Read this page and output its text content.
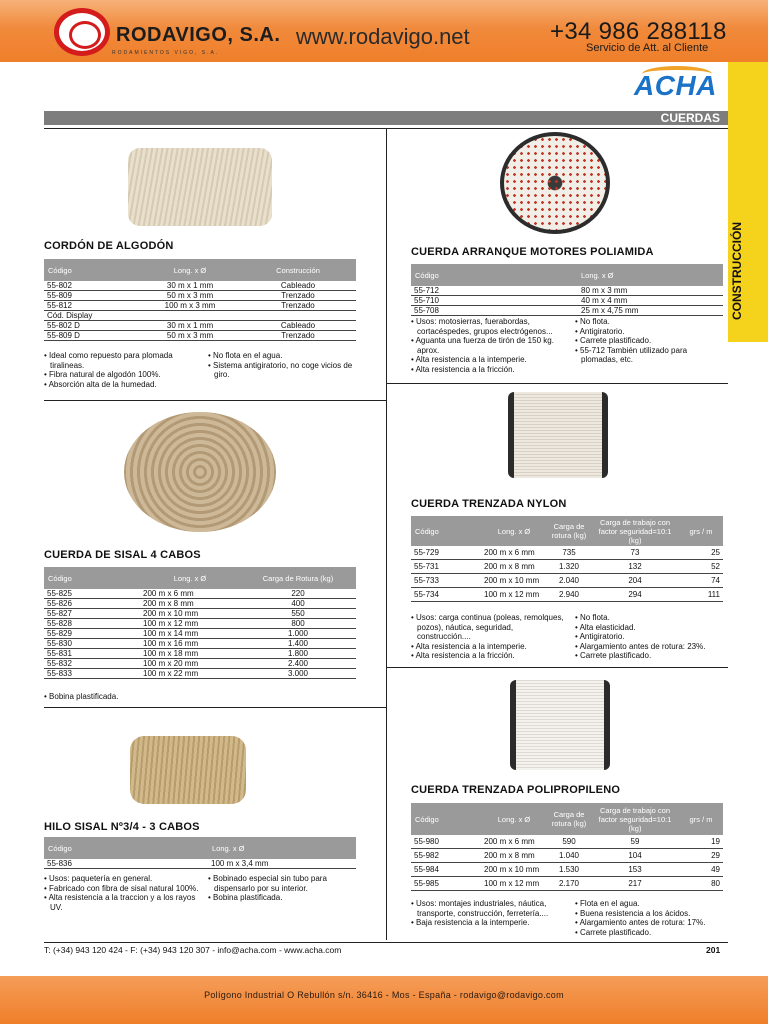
RODAVIGO, S.A.
RODAMIENTOS VIGO, S.A.
www.rodavigo.net	+34 986 288118
Servicio de Att. al Cliente
CONSTRUCCIÓN
ACHA
CUERDAS
CORDÓN DE ALGODÓN
Código	Long. x Ø	Construcción
55-802	30 m x 1 mm	Cableado
55-809	50 m x 3 mm	Trenzado
55-812	100 m x 3 mm	Trenzado
Cód. Display		
55-802 D	30 m x 1 mm	Cableado
55-809 D	50 m x 3 mm	Trenzado
• Ideal como repuesto para plomada tiralineas.
• Fibra natural de algodón 100%.
• Absorción alta de la humedad.
• No flota en el agua.
• Sistema antigiratorio, no coge vicios de giro.
CUERDA ARRANQUE MOTORES POLIAMIDA
Código	Long. x Ø
55-712	80 m x 3 mm
55-710	40 m x 4 mm
55-708	25 m x 4,75 mm
• Usos: motosierras, fuerabordas, cortacéspedes, grupos electrógenos...
• Aguanta una fuerza de tirón de 150 kg. aprox.
• Alta resistencia a la intemperie.
• Alta resistencia a la fricción.
• No flota.
• Antigiratorio.
• Carrete plastificado.
• 55-712 También utilizado para plomadas, etc.
CUERDA DE SISAL 4 CABOS
Código	Long. x Ø	Carga de Rotura (kg)
55-825	200 m x 6 mm	220
55-826	200 m x 8 mm	400
55-827	200 m x 10 mm	550
55-828	100 m x 12 mm	800
55-829	100 m x 14 mm	1.000
55-830	100 m x 16 mm	1.400
55-831	100 m x 18 mm	1.800
55-832	100 m x 20 mm	2.400
55-833	100 m x 22 mm	3.000
• Bobina plastificada.
CUERDA TRENZADA NYLON
Código	Long. x Ø	Carga de rotura (kg)	Carga de trabajo con factor seguridad=10:1 (kg)	grs / m
55-729	200 m x 6 mm	735	73	25
55-731	200 m x 8 mm	1.320	132	52
55-733	200 m x 10 mm	2.040	204	74
55-734	100 m x 12 mm	2.940	294	111
• Usos: carga continua (poleas, remolques, pozos), náutica, seguridad, construcción....
• Alta resistencia a la intemperie.
• Alta resistencia a la fricción.
• No flota.
• Alta elasticidad.
• Antigiratorio.
• Alargamiento antes de rotura: 23%.
• Carrete plastificado.
HILO SISAL Nº3/4 - 3 CABOS
Código	Long. x Ø
55-836	100 m x 3,4 mm
• Usos: paquetería en general.
• Fabricado con fibra de sisal natural 100%.
• Alta resistencia a la traccion y a los rayos UV.
• Bobinado especial sin tubo para dispensarlo por su interior.
• Bobina plastificada.
CUERDA TRENZADA POLIPROPILENO
Código	Long. x Ø	Carga de rotura (kg)	Carga de trabajo con factor seguridad=10:1 (kg)	grs / m
55-980	200 m x 6 mm	590	59	19
55-982	200 m x 8 mm	1.040	104	29
55-984	200 m x 10 mm	1.530	153	49
55-985	100 m x 12 mm	2.170	217	80
• Usos: montajes industriales, náutica, transporte, construcción, ferretería....
• Baja resistencia a la intemperie.
• Flota en el agua.
• Buena resistencia a los ácidos.
• Alargamiento antes de rotura: 17%.
• Carrete plastificado.
T: (+34) 943 120 424 - F: (+34) 943 120 307 - info@acha.com - www.acha.com	201
Polígono Industrial O Rebullón s/n. 36416 - Mos - España - rodavigo@rodavigo.com
